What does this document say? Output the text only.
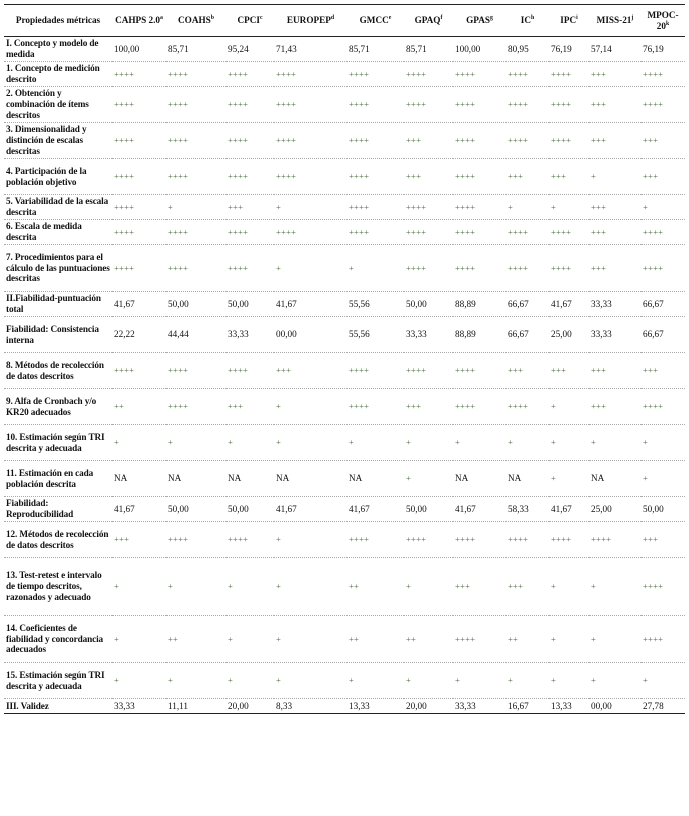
Propiedades métricas	CAHPS 2.0$^a$	COAHS$^b$	CPCI$^c$	EUROPEP$^d$	GMCC$^e$	GPAQ$^f$	GPAS$^g$	$IC^h$	IPC$^i$	MISS-21$^j$	MPOC-20$^k$
I. Concepto y modelo de medida	100,00	85,71	95,24	71,43	85,71	85,71	100,00	80,95	76,19	57,14	76,19
1. Concepto de medición descrito	++++	++++	++++	++++	++++	++++	++++	++++	++++	+++	++++
2. Obtención y combinación de ítems descritos	++++	++++	++++	++++	++++	++++	++++	++++	++++	+++	++++
3. Dimensionalidad y distinción de escalas descritas	++++	++++	++++	++++	++++	+++	++++	++++	++++	+++	+++
4. Participación de la población objetivo	++++	++++	++++	++++	++++	+++	++++	+++	+++	+	+++
5. Variabilidad de la escala descrita	++++	+	+++	+	++++	++++	++++	+	+	+++	+
6. Escala de medida descrita	++++	++++	++++	++++	++++	++++	++++	++++	++++	+++	++++
7. Procedimientos para el cálculo de las puntuaciones descritas	++++	++++	++++	+	+	++++	++++	++++	++++	+++	++++
II.Fiabilidad-puntuación total	41,67	50,00	50,00	41,67	55,56	50,00	88,89	66,67	41,67	33,33	66,67
Fiabilidad: Consistencia interna	22,22	44,44	33,33	00,00	55,56	33,33	88,89	66,67	25,00	33,33	66,67
8. Métodos de recolección de datos descritos	++++	++++	++++	+++	++++	++++	++++	+++	+++	+++	+++
9. Alfa de Cronbach y/o KR20 adecuados	++	++++	+++	+	++++	+++	++++	++++	+	+++	++++
10. Estimación según TRI descrita y adecuada	+	+	+	+	+	+	+	+	+	+	+
11. Estimación en cada población descrita	NA	NA	NA	NA	NA	+	NA	NA	+	NA	+
Fiabilidad: Reproducibilidad	41,67	50,00	50,00	41,67	41,67	50,00	41,67	58,33	41,67	25,00	50,00
12. Métodos de recolección de datos descritos	+++	++++	++++	+	++++	++++	++++	++++	++++	++++	+++
13. Test-retest e intervalo de tiempo descritos, razonados y adecuado	+	+	+	+	++	+	+++	+++	+	+	++++
14. Coeficientes de fiabilidad y concordancia adecuados	+	++	+	+	++	++	++++	++	+	+	++++
15. Estimación según TRI descrita y adecuada	+	+	+	+	+	+	+	+	+	+	+
III. Validez	33,33	11,11	20,00	8,33	13,33	20,00	33,33	16,67	13,33	00,00	27,78
